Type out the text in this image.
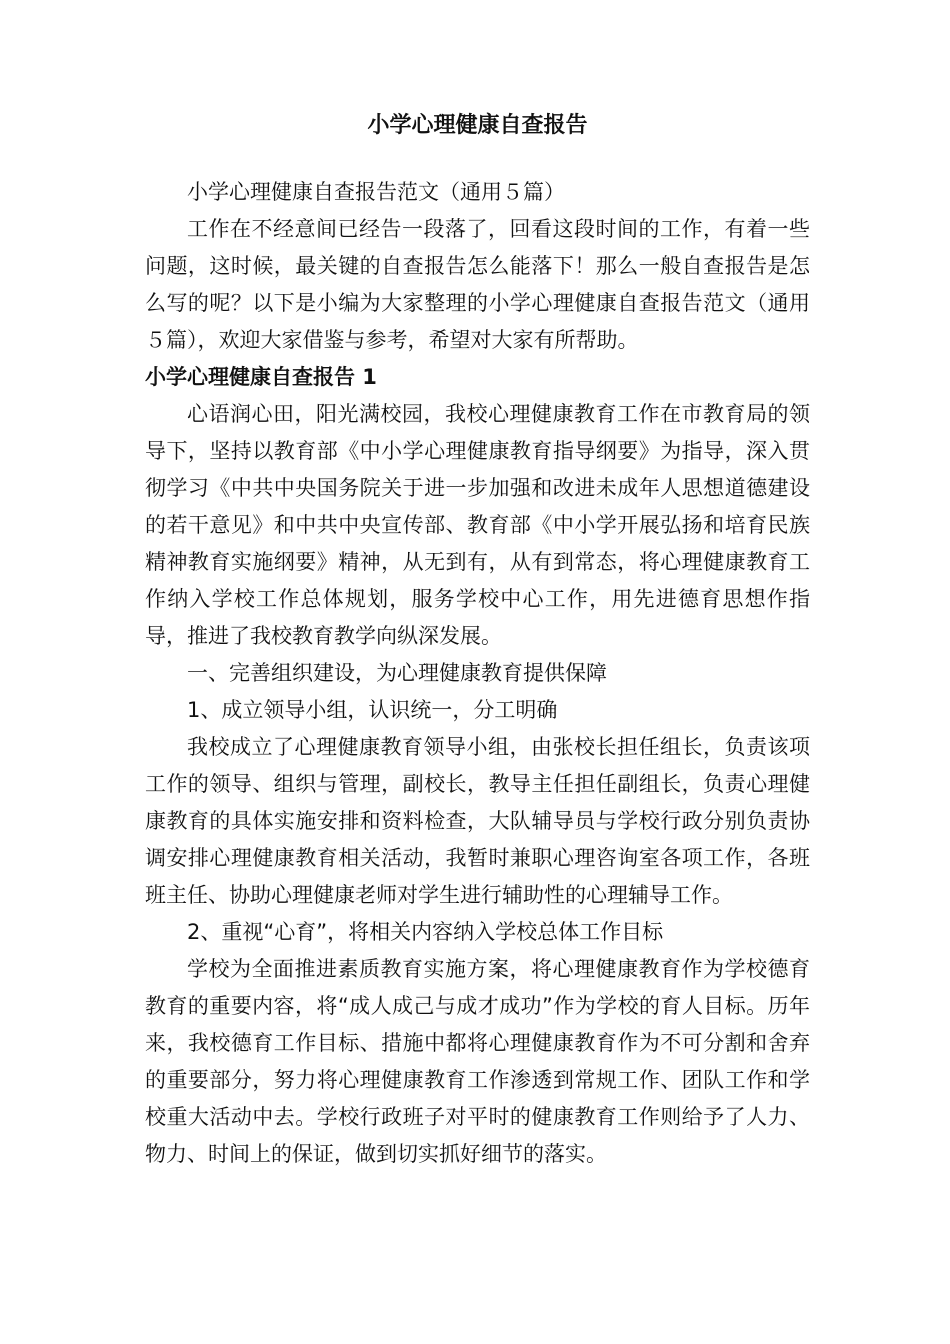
小学心理健康自查报告

小学心理健康自查报告范文（通用５篇）

工作在不经意间已经告一段落了，回看这段时间的工作，有着一些问题，这时候，最关键的自查报告怎么能落下！那么一般自查报告是怎么写的呢？以下是小编为大家整理的小学心理健康自查报告范文（通用５篇），欢迎大家借鉴与参考，希望对大家有所帮助。

小学心理健康自查报告 1

心语润心田，阳光满校园，我校心理健康教育工作在市教育局的领导下，坚持以教育部《中小学心理健康教育指导纲要》为指导，深入贯彻学习《中共中央国务院关于进一步加强和改进未成年人思想道德建设的若干意见》和中共中央宣传部、教育部《中小学开展弘扬和培育民族精神教育实施纲要》精神，从无到有，从有到常态，将心理健康教育工作纳入学校工作总体规划，服务学校中心工作，用先进德育思想作指导，推进了我校教育教学向纵深发展。

一、完善组织建设，为心理健康教育提供保障

1、成立领导小组，认识统一，分工明确

我校成立了心理健康教育领导小组，由张校长担任组长，负责该项工作的领导、组织与管理，副校长，教导主任担任副组长，负责心理健康教育的具体实施安排和资料检查，大队辅导员与学校行政分别负责协调安排心理健康教育相关活动，我暂时兼职心理咨询室各项工作，各班班主任、协助心理健康老师对学生进行辅助性的心理辅导工作。

2、重视“心育”，将相关内容纳入学校总体工作目标

学校为全面推进素质教育实施方案，将心理健康教育作为学校德育教育的重要内容，将“成人成己与成才成功”作为学校的育人目标。历年来，我校德育工作目标、措施中都将心理健康教育作为不可分割和舍弃的重要部分，努力将心理健康教育工作渗透到常规工作、团队工作和学校重大活动中去。学校行政班子对平时的健康教育工作则给予了人力、物力、时间上的保证，做到切实抓好细节的落实。
